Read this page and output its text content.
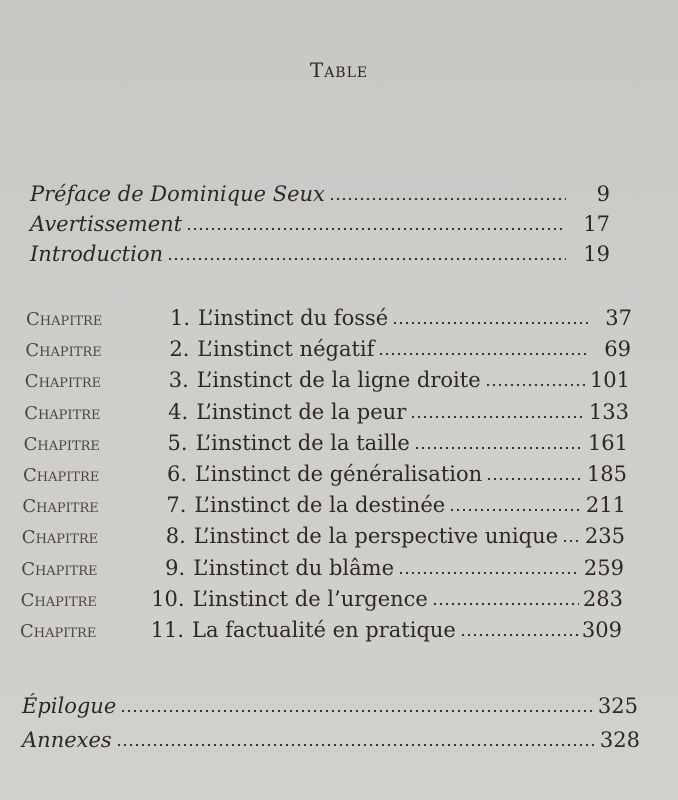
Table
Préface de Dominique Seux	9
Avertissement	17
Introduction	19
Chapitre	1. L’instinct du fossé	37
Chapitre	2. L’instinct négatif	69
Chapitre	3. L’instinct de la ligne droite	101
Chapitre	4. L’instinct de la peur	133
Chapitre	5. L’instinct de la taille	161
Chapitre	6. L’instinct de généralisation	185
Chapitre	7. L’instinct de la destinée	211
Chapitre	8. L’instinct de la perspective unique 235
Chapitre	9. L’instinct du blâme	259
Chapitre	10. L’instinct de l’urgence	283
Chapitre	11. La factualité en pratique	309
Épilogue	325
Annexes	328
